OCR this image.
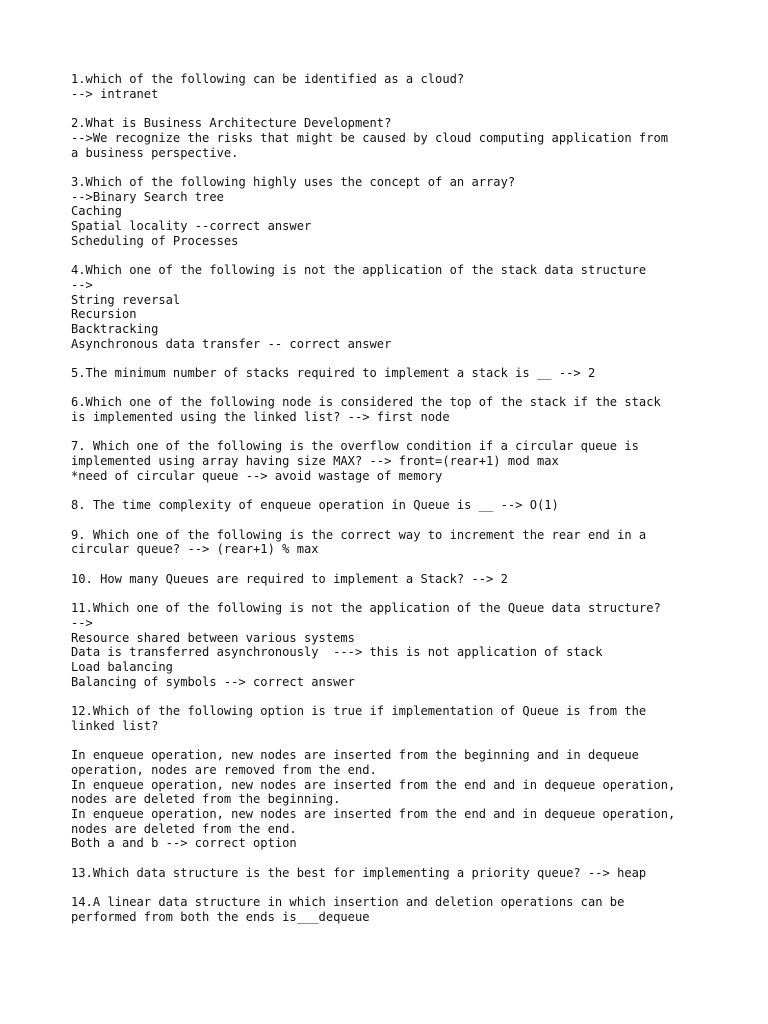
1.which of the following can be identified as a cloud?
--> intranet
2.What is Business Architecture Development?
-->We recognize the risks that might be caused by cloud computing application from
a business perspective.
3.Which of the following highly uses the concept of an array?
-->Binary Search tree
Caching
Spatial locality --correct answer
Scheduling of Processes
4.Which one of the following is not the application of the stack data structure
-->
String reversal
Recursion
Backtracking
Asynchronous data transfer -- correct answer
5.The minimum number of stacks required to implement a stack is __ --> 2
6.Which one of the following node is considered the top of the stack if the stack
is implemented using the linked list? --> first node
7. Which one of the following is the overflow condition if a circular queue is
implemented using array having size MAX? --> front=(rear+1) mod max
*need of circular queue --> avoid wastage of memory
8. The time complexity of enqueue operation in Queue is __ --> O(1)
9. Which one of the following is the correct way to increment the rear end in a
circular queue? --> (rear+1) % max
10. How many Queues are required to implement a Stack? --> 2
11.Which one of the following is not the application of the Queue data structure?
-->
Resource shared between various systems
Data is transferred asynchronously  ---> this is not application of stack
Load balancing
Balancing of symbols --> correct answer
12.Which of the following option is true if implementation of Queue is from the
linked list?
In enqueue operation, new nodes are inserted from the beginning and in dequeue
operation, nodes are removed from the end.
In enqueue operation, new nodes are inserted from the end and in dequeue operation,
nodes are deleted from the beginning.
In enqueue operation, new nodes are inserted from the end and in dequeue operation,
nodes are deleted from the end.
Both a and b --> correct option
13.Which data structure is the best for implementing a priority queue? --> heap
14.A linear data structure in which insertion and deletion operations can be
performed from both the ends is___dequeue
